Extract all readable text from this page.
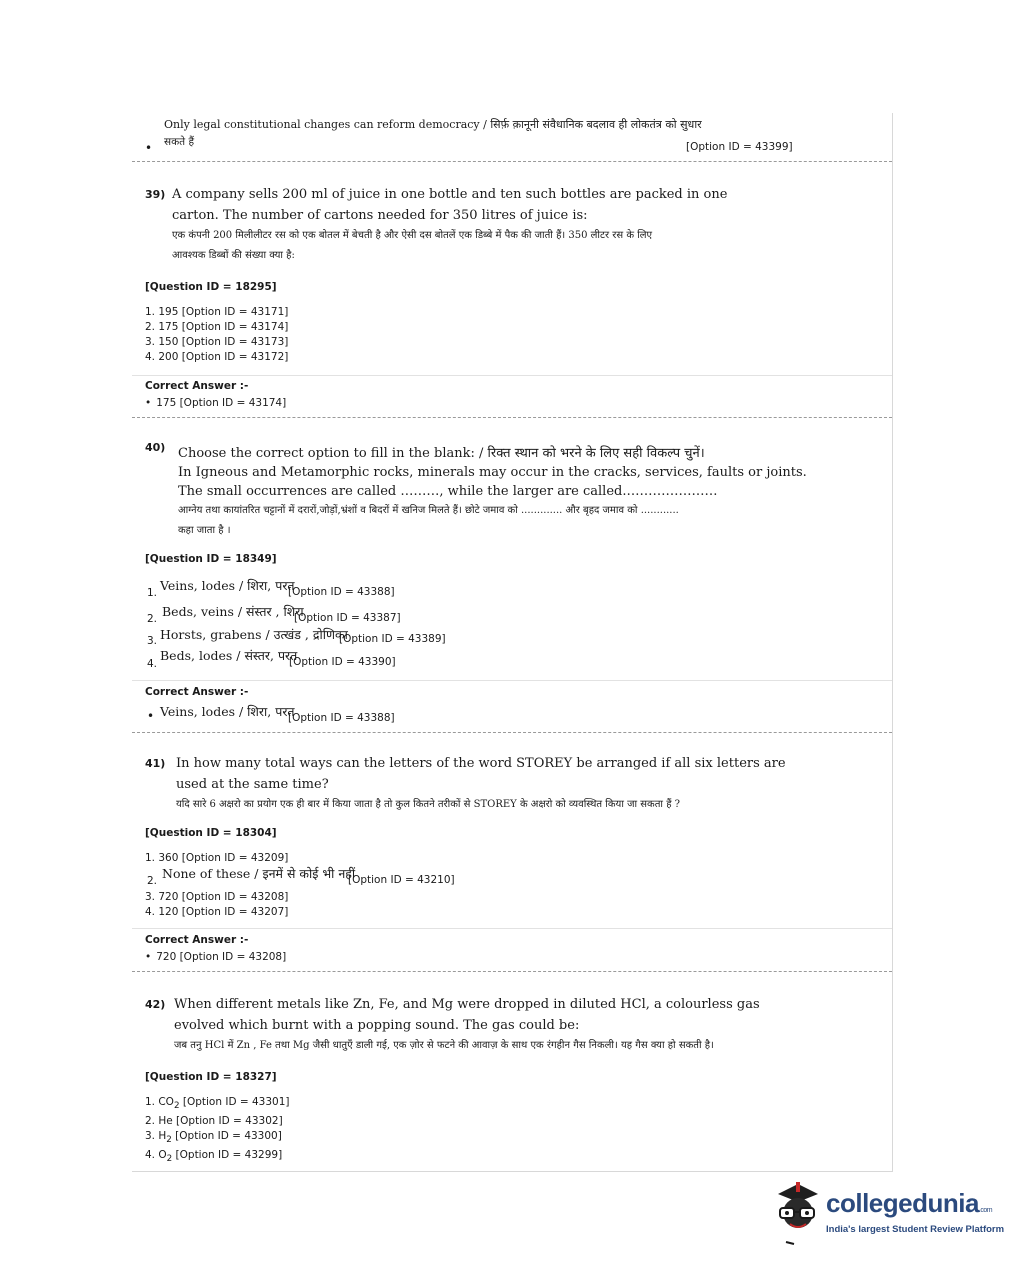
Only legal constitutional changes can reform democracy / सिर्फ़ क़ानूनी संवैधानिक बदलाव ही लोकतंत्र को सुधार
सकते हैं
•	[Option ID = 43399]
39) A company sells 200 ml of juice in one bottle and ten such bottles are packed in one
carton. The number of cartons needed for 350 litres of juice is:
एक कंपनी 200 मिलीलीटर रस को एक बोतल में बेचती है और ऐसी दस बोतलें एक डिब्बे में पैक की जाती हैं। 350 लीटर रस के लिए
आवश्यक डिब्बों की संख्या क्या है:
[Question ID = 18295]
1. 195 [Option ID = 43171]
2. 175 [Option ID = 43174]
3. 150 [Option ID = 43173]
4. 200 [Option ID = 43172]
Correct Answer :-
• 175 [Option ID = 43174]
40) Choose the correct option to fill in the blank: / रिक्त स्थान को भरने के लिए सही विकल्प चुनें।
In Igneous and Metamorphic rocks, minerals may occur in the cracks, services, faults or joints.
The small occurrences are called ………, while the larger are called.…………………
आग्नेय तथा कायांतरित चट्टानों में दरारों,जोड़ों,भ्रंशों व बिदरों में खनिज मिलते हैं। छोटे जमाव को ............. और बृहद जमाव को ............
कहा जाता है ।
[Question ID = 18349]
1. Veins, lodes / शिरा, परत
[Option ID = 43388]
2. Beds, veins / संस्तर , शिरा
[Option ID = 43387]
3. Horsts, grabens / उत्खंड , द्रोणिका
[Option ID = 43389]
4.
Beds, lodes / संस्तर, परत
[Option ID = 43390]
Correct Answer :-
• Veins, lodes / शिरा, परत
[Option ID = 43388]
41) In how many total ways can the letters of the word STOREY be arranged if all six letters are
used at the same time?
यदि सारे 6 अक्षरो का प्रयोग एक ही बार में किया जाता है तो कुल कितने तरीकों से STOREY के अक्षरो को व्यवस्थित किया जा सकता हैं ?
[Question ID = 18304]
1. 360 [Option ID = 43209]
2. None of these / इनमें से कोई भी नहीं
[Option ID = 43210]
3. 720 [Option ID = 43208]
4. 120 [Option ID = 43207]
Correct Answer :-
• 720 [Option ID = 43208]
42) When different metals like Zn, Fe, and Mg were dropped in diluted HCl, a colourless gas
evolved which burnt with a popping sound. The gas could be:
जब तनु HCl में Zn , Fe तथा Mg जैसी धातुएँ डाली गई, एक ज़ोर से फटने की आवाज़ के साथ एक रंगहीन गैस निकली। यह गैस क्या हो सकती है।
[Question ID = 18327]
1. $CO_2$ [Option ID = 43301]
2. He [Option ID = 43302]
3. $H_2$ [Option ID = 43300]
4. $O_2$ [Option ID = 43299]
collegedunia.com
India's largest Student Review Platform
